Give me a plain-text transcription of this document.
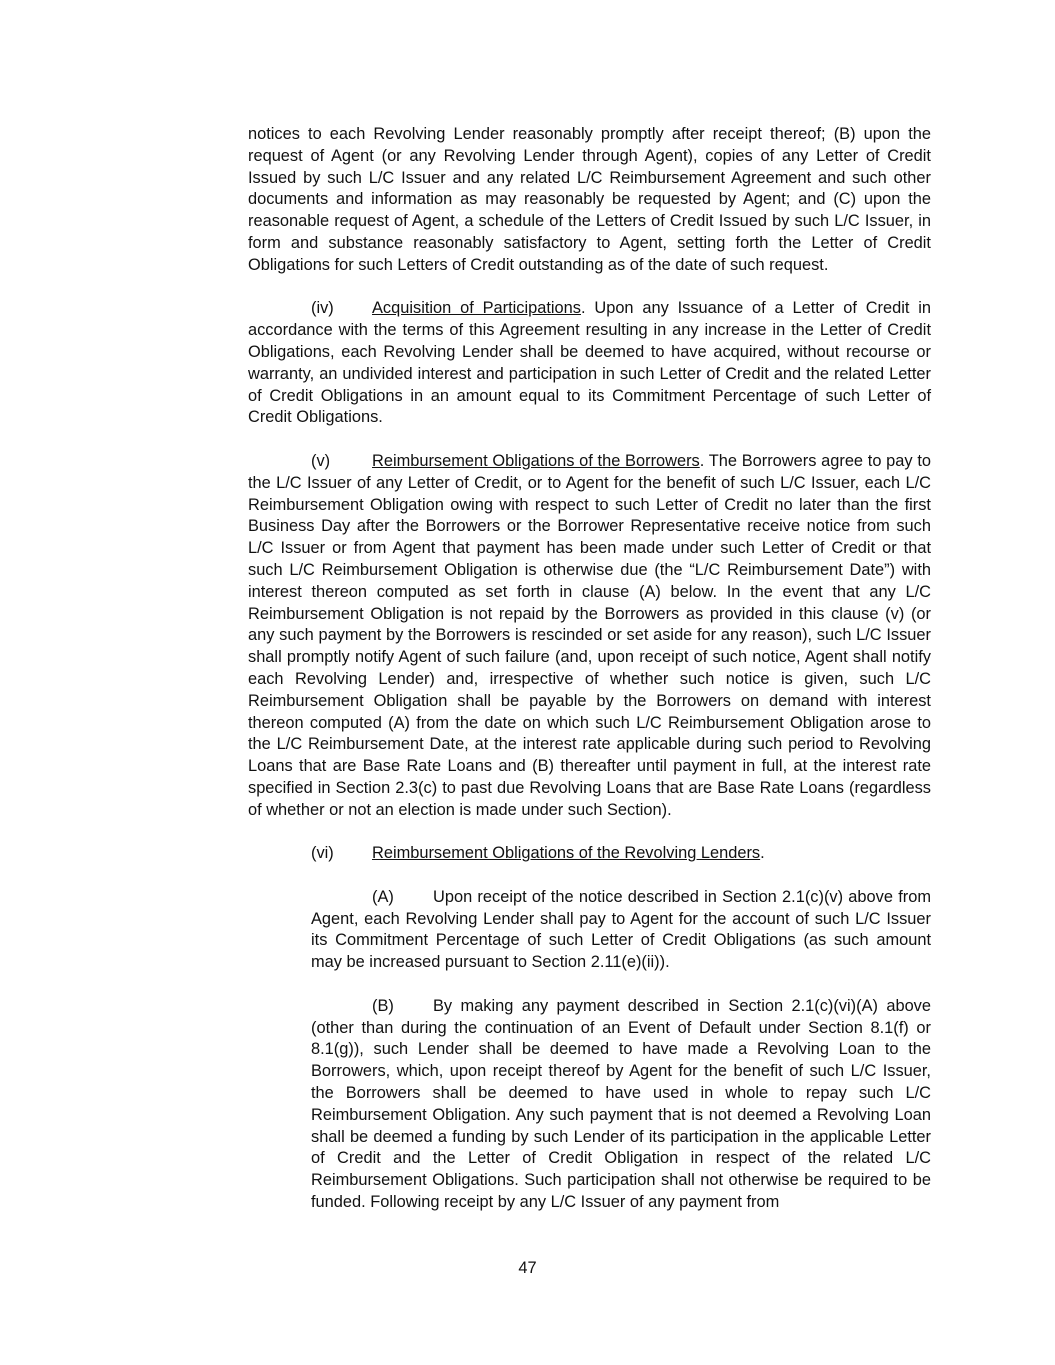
notices to each Revolving Lender reasonably promptly after receipt thereof; (B) upon the request of Agent (or any Revolving Lender through Agent), copies of any Letter of Credit Issued by such L/C Issuer and any related L/C Reimbursement Agreement and such other documents and information as may reasonably be requested by Agent; and (C) upon the reasonable request of Agent, a schedule of the Letters of Credit Issued by such L/C Issuer, in form and substance reasonably satisfactory to Agent, setting forth the Letter of Credit Obligations for such Letters of Credit outstanding as of the date of such request.

(iv) Acquisition of Participations. Upon any Issuance of a Letter of Credit in accordance with the terms of this Agreement resulting in any increase in the Letter of Credit Obligations, each Revolving Lender shall be deemed to have acquired, without recourse or warranty, an undivided interest and participation in such Letter of Credit and the related Letter of Credit Obligations in an amount equal to its Commitment Percentage of such Letter of Credit Obligations.

(v)	Reimbursement Obligations of the Borrowers. The Borrowers agree to pay to the L/C Issuer of any Letter of Credit, or to Agent for the benefit of such L/C Issuer, each L/C Reimbursement Obligation owing with respect to such Letter of Credit no later than the first Business Day after the Borrowers or the Borrower Representative receive notice from such L/C Issuer or from Agent that payment has been made under such Letter of Credit or that such L/C Reimbursement Obligation is otherwise due (the “L/C Reimbursement Date”) with interest thereon computed as set forth in clause (A) below. In the event that any L/C Reimbursement Obligation is not repaid by the Borrowers as provided in this clause (v) (or any such payment by the Borrowers is rescinded or set aside for any reason), such L/C Issuer shall promptly notify Agent of such failure (and, upon receipt of such notice, Agent shall notify each Revolving Lender) and, irrespective of whether such notice is given, such L/C Reimbursement Obligation shall be payable by the Borrowers on demand with interest thereon computed (A) from the date on which such L/C Reimbursement Obligation arose to the L/C Reimbursement Date, at the interest rate applicable during such period to Revolving Loans that are Base Rate Loans and (B) thereafter until payment in full, at the interest rate specified in Section 2.3(c) to past due Revolving Loans that are Base Rate Loans (regardless of whether or not an election is made under such Section).

(vi) Reimbursement Obligations of the Revolving Lenders.

(A) Upon receipt of the notice described in Section 2.1(c)(v) above from Agent, each Revolving Lender shall pay to Agent for the account of such L/C Issuer its Commitment Percentage of such Letter of Credit Obligations (as such amount may be increased pursuant to Section 2.11(e)(ii)).

(B) By making any payment described in Section 2.1(c)(vi)(A) above (other than during the continuation of an Event of Default under Section 8.1(f) or 8.1(g)), such Lender shall be deemed to have made a Revolving Loan to the Borrowers, which, upon receipt thereof by Agent for the benefit of such L/C Issuer, the Borrowers shall be deemed to have used in whole to repay such L/C Reimbursement Obligation. Any such payment that is not deemed a Revolving Loan shall be deemed a funding by such Lender of its participation in the applicable Letter of Credit and the Letter of Credit Obligation in respect of the related L/C Reimbursement Obligations. Such participation shall not otherwise be required to be funded. Following receipt by any L/C Issuer of any payment from

47
